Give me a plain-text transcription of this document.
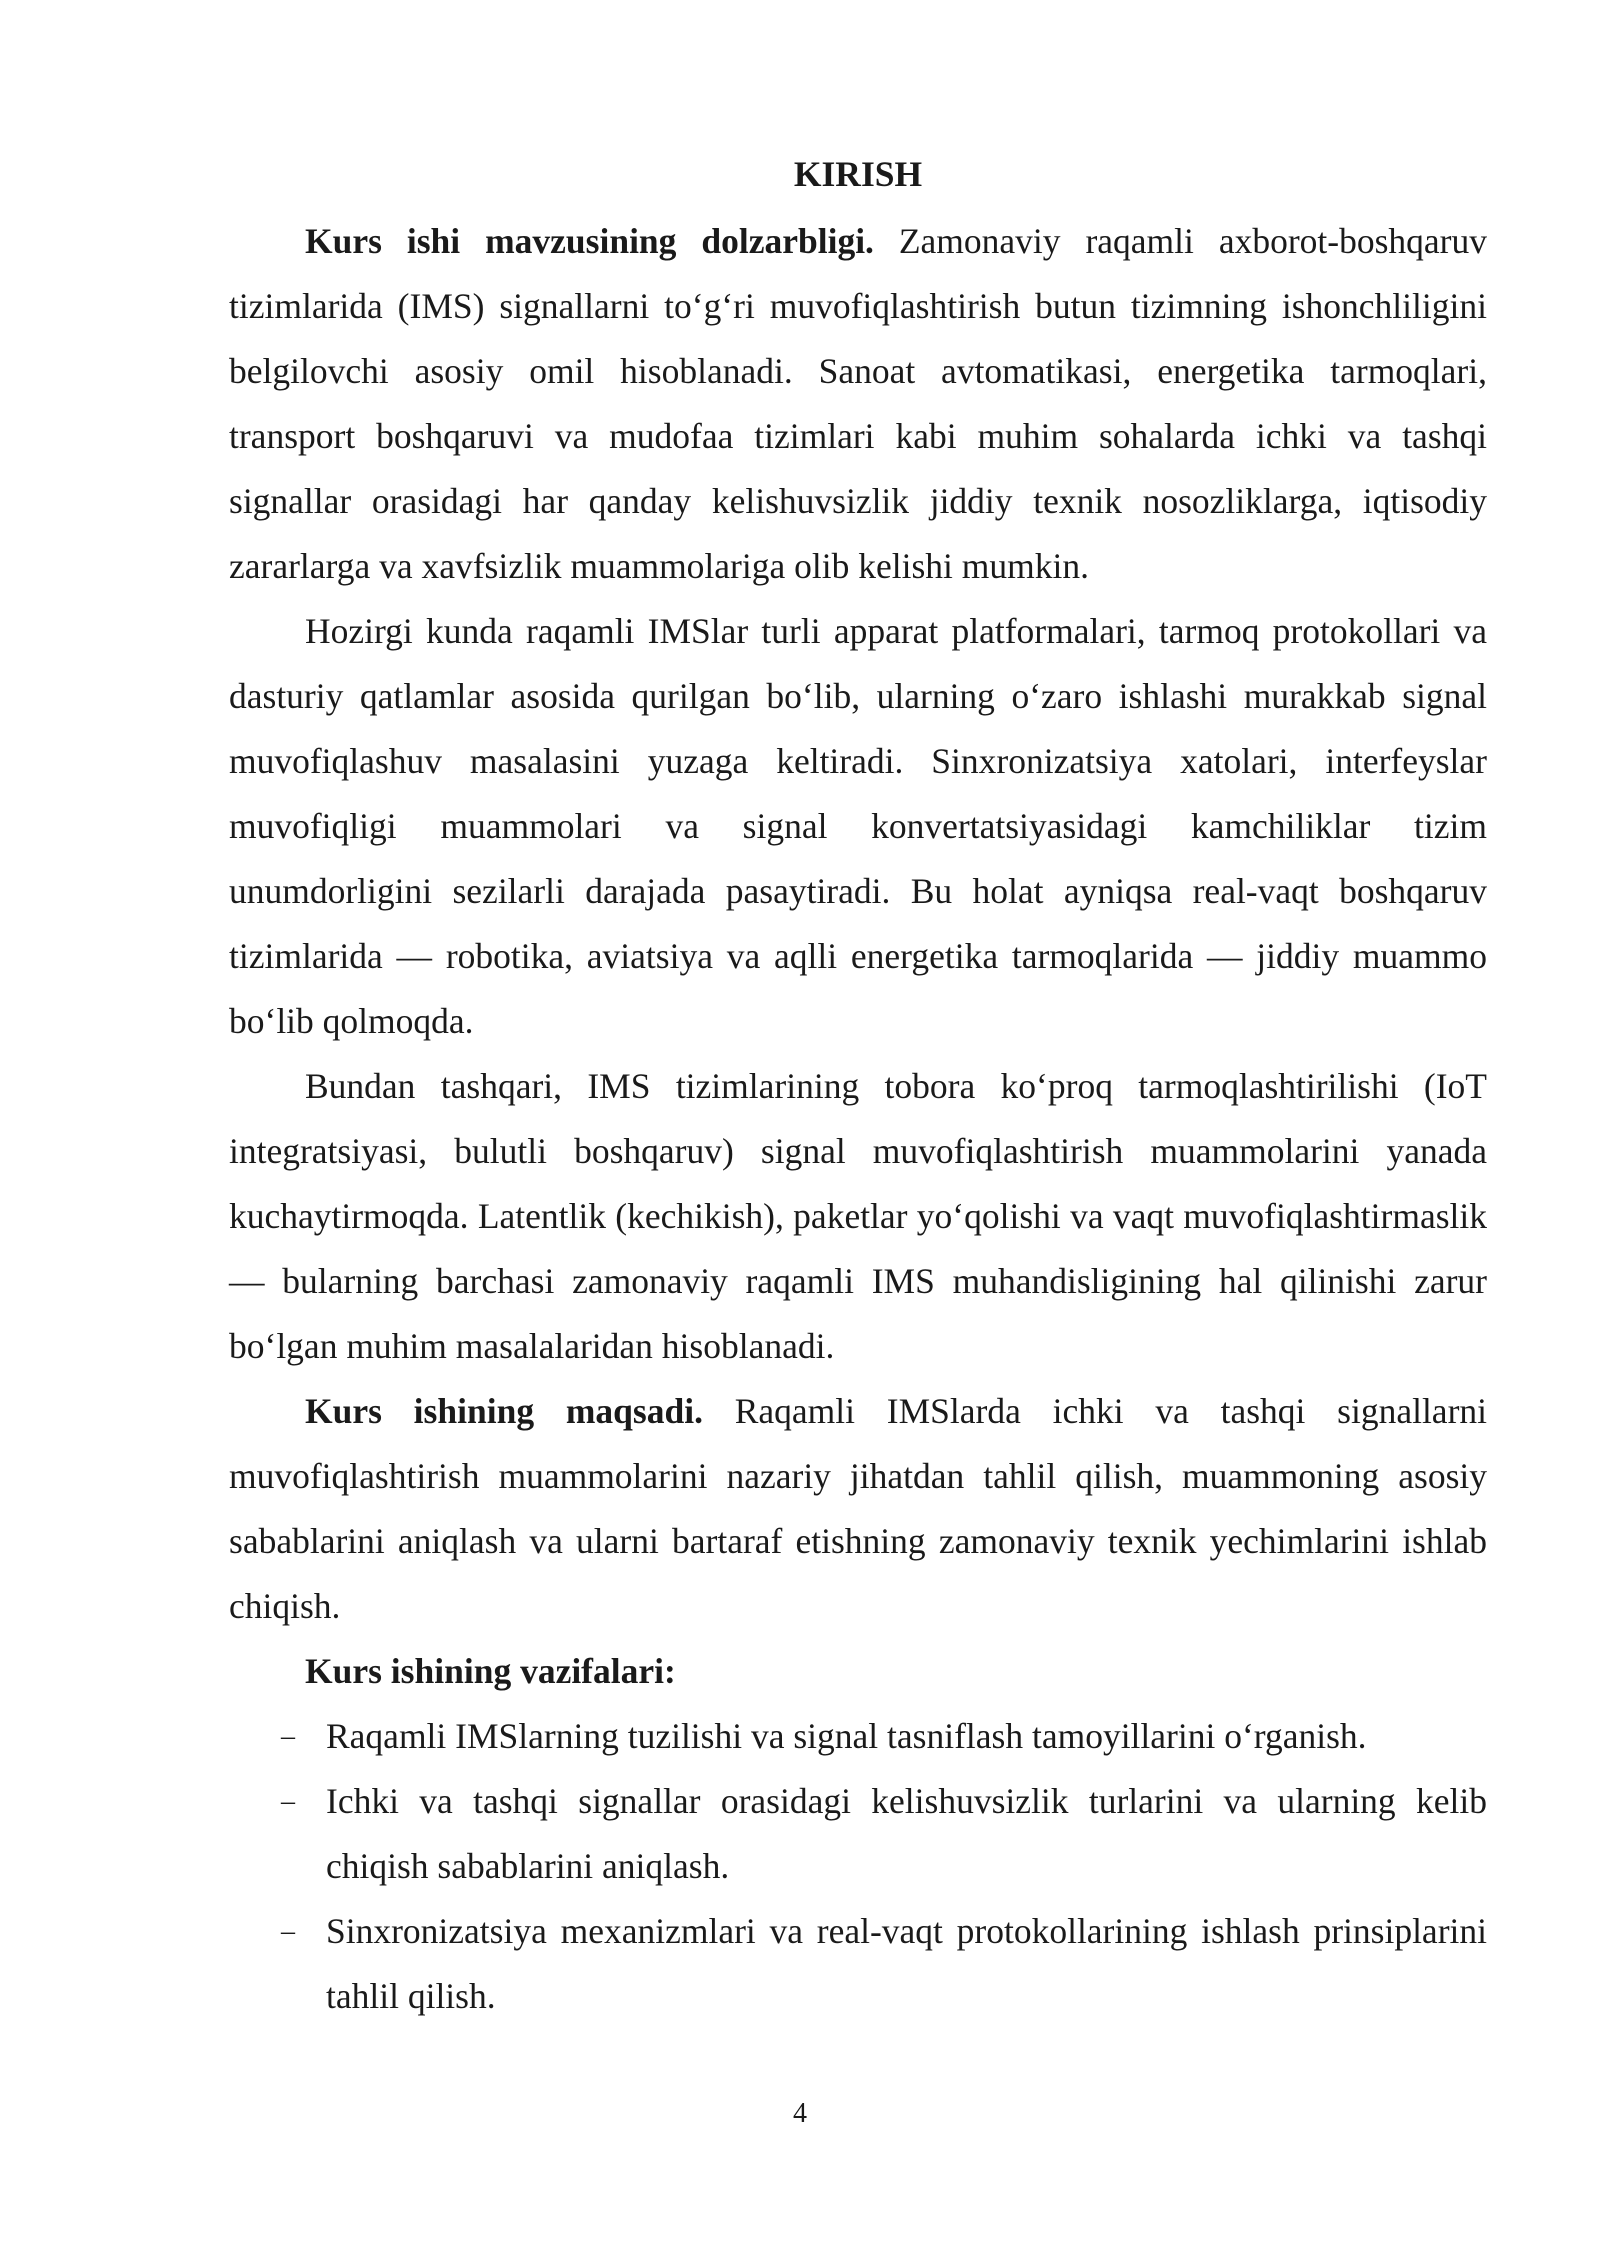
KIRISH

Kurs ishi mavzusining dolzarbligi. Zamonaviy raqamli axborot-boshqaruv tizimlarida (IMS) signallarni to‘g‘ri muvofiqlashtirish butun tizimning ishonchliligini belgilovchi asosiy omil hisoblanadi. Sanoat avtomatikasi, energetika tarmoqlari, transport boshqaruvi va mudofaa tizimlari kabi muhim sohalarda ichki va tashqi signallar orasidagi har qanday kelishuvsizlik jiddiy texnik nosozliklarga, iqtisodiy zararlarga va xavfsizlik muammolariga olib kelishi mumkin.

Hozirgi kunda raqamli IMSlar turli apparat platformalari, tarmoq protokollari va dasturiy qatlamlar asosida qurilgan bo‘lib, ularning o‘zaro ishlashi murakkab signal muvofiqlashuv masalasini yuzaga keltiradi. Sinxronizatsiya xatolari, interfeyslar muvofiqligi muammolari va signal konvertatsiyasidagi kamchiliklar tizim unumdorligini sezilarli darajada pasaytiradi. Bu holat ayniqsa real-vaqt boshqaruv tizimlarida — robotika, aviatsiya va aqlli energetika tarmoqlarida — jiddiy muammo bo‘lib qolmoqda.

Bundan tashqari, IMS tizimlarining tobora ko‘proq tarmoqlashtirilishi (IoT integratsiyasi, bulutli boshqaruv) signal muvofiqlashtirish muammolarini yanada kuchaytirmoqda. Latentlik (kechikish), paketlar yo‘qolishi va vaqt muvofiqlashtirmaslik — bularning barchasi zamonaviy raqamli IMS muhandisligining hal qilinishi zarur bo‘lgan muhim masalalaridan hisoblanadi.

Kurs ishining maqsadi. Raqamli IMSlarda ichki va tashqi signallarni muvofiqlashtirish muammolarini nazariy jihatdan tahlil qilish, muammoning asosiy sabablarini aniqlash va ularni bartaraf etishning zamonaviy texnik yechimlarini ishlab chiqish.

Kurs ishining vazifalari:

– Raqamli IMSlarning tuzilishi va signal tasniflash tamoyillarini o‘rganish.
– Ichki va tashqi signallar orasidagi kelishuvsizlik turlarini va ularning kelib chiqish sabablarini aniqlash.
– Sinxronizatsiya mexanizmlari va real-vaqt protokollarining ishlash prinsiplarini tahlil qilish.
4
